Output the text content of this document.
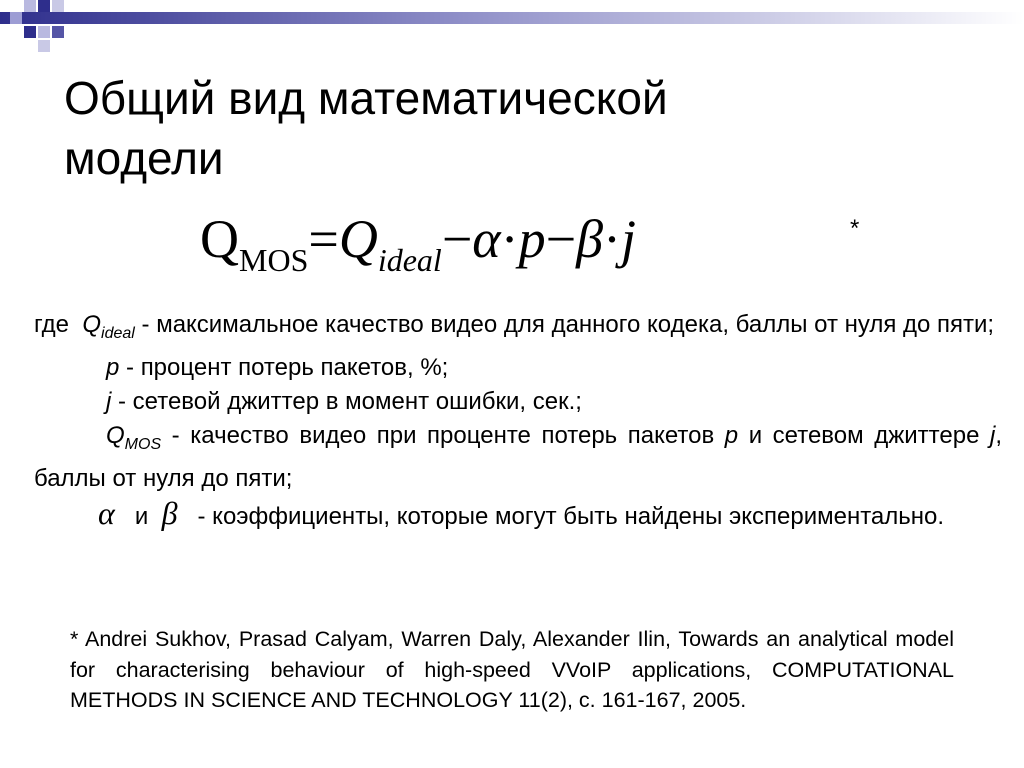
Общий вид математической
модели
$Q_{MOS}=Q_{ideal}-\alpha\cdot p-\beta\cdot j$	*

где $Q_{ideal}$ - максимальное качество видео для данного кодека, баллы от нуля до пяти;

p - процент потерь пакетов, %;

j - сетевой джиттер в момент ошибки, сек.;

$Q_{MOS}$ - качество видео при проценте потерь пакетов p и сетевом джиттере j, баллы от нуля до пяти;

α и β   - коэффициенты, которые могут быть найдены экспериментально.

* Andrei Sukhov, Prasad Calyam, Warren Daly, Alexander Ilin, Towards an analytical model for characterising behaviour of high-speed VVoIP applications, COMPUTATIONAL METHODS IN SCIENCE AND TECHNOLOGY 11(2), c. 161-167, 2005.
